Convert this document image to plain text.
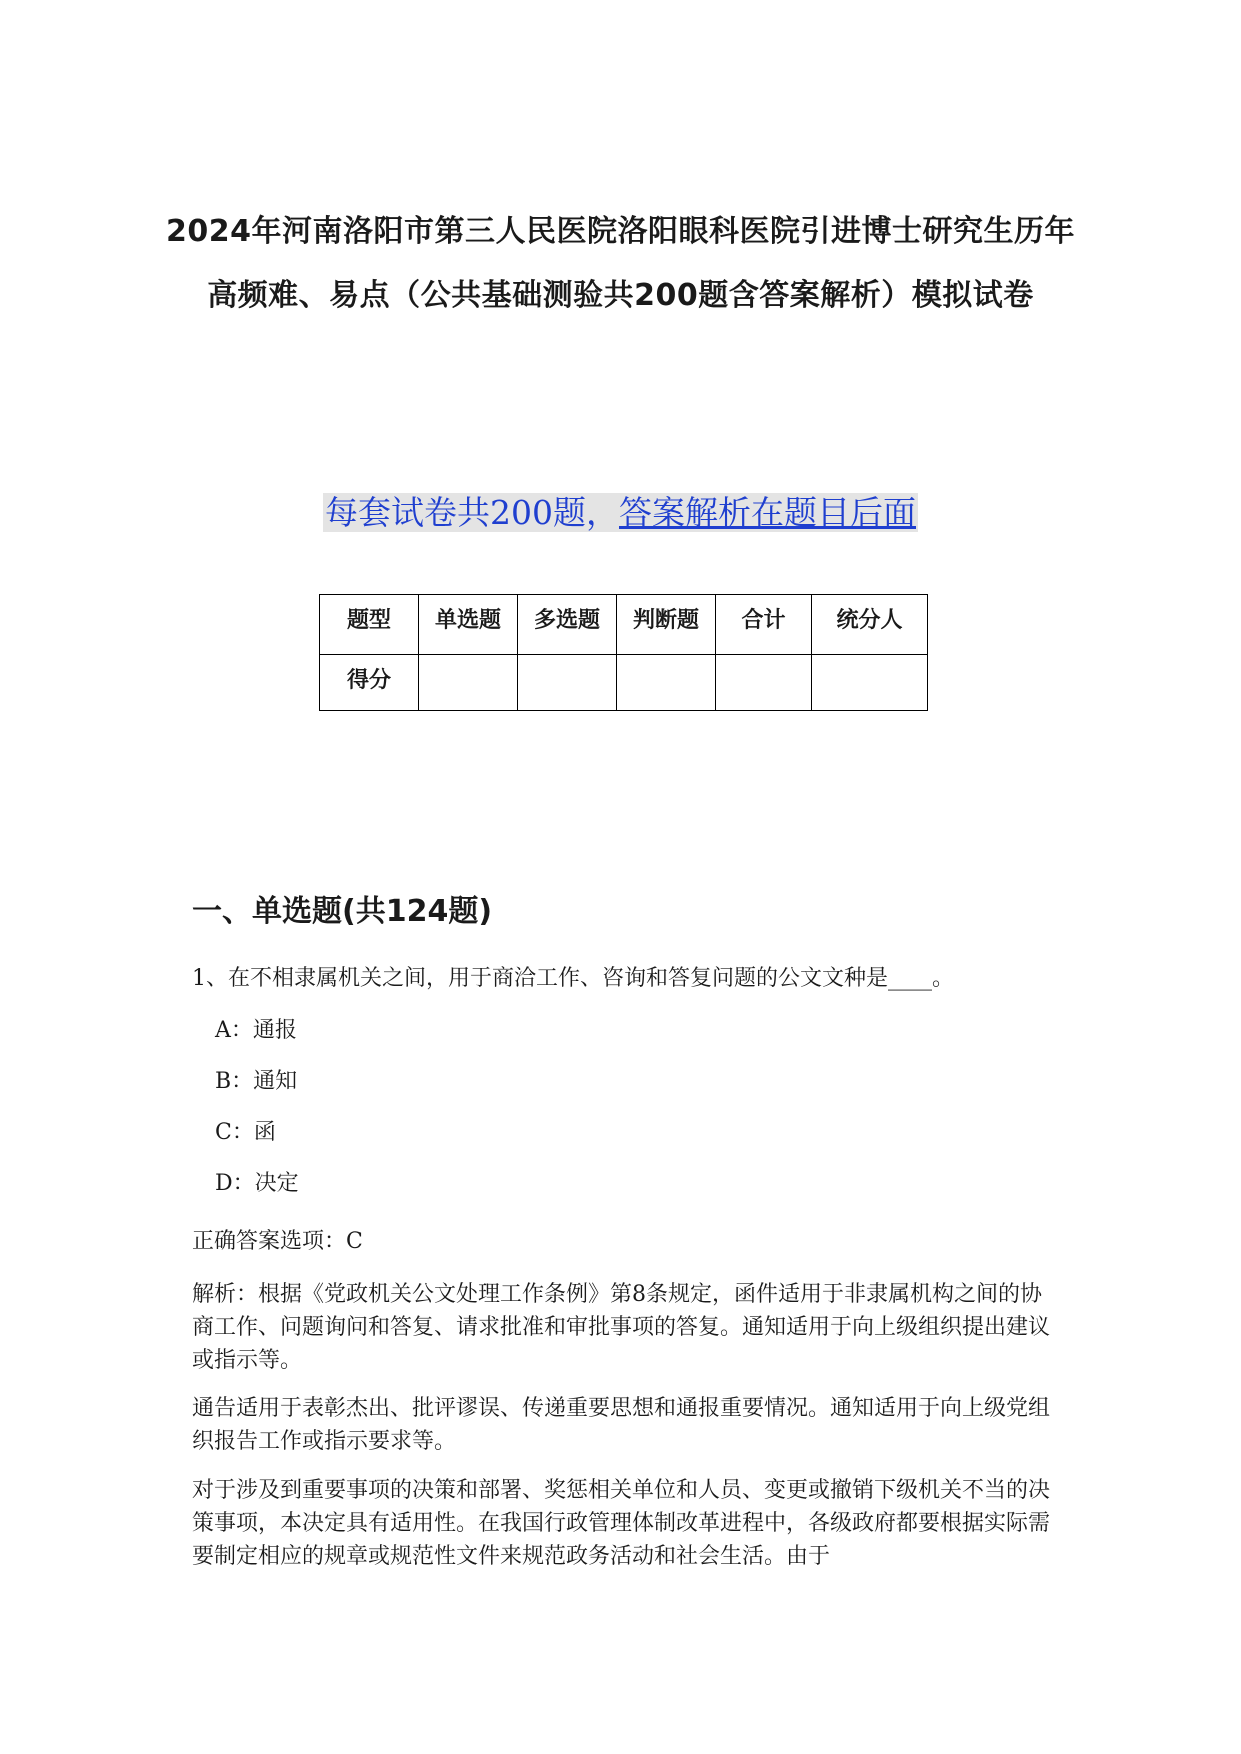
2024年河南洛阳市第三人民医院洛阳眼科医院引进博士研究生历年高频难、易点（公共基础测验共200题含答案解析）模拟试卷
每套试卷共200题，答案解析在题目后面
题型	单选题	多选题	判断题	合计	统分人
得分					
一、单选题(共124题)
1、在不相隶属机关之间，用于商洽工作、咨询和答复问题的公文文种是____。
A：通报
B：通知
C：函
D：决定
正确答案选项：C
解析：根据《党政机关公文处理工作条例》第8条规定，函件适用于非隶属机构之间的协商工作、问题询问和答复、请求批准和审批事项的答复。通知适用于向上级组织提出建议或指示等。
通告适用于表彰杰出、批评谬误、传递重要思想和通报重要情况。通知适用于向上级党组织报告工作或指示要求等。
对于涉及到重要事项的决策和部署、奖惩相关单位和人员、变更或撤销下级机关不当的决策事项，本决定具有适用性。在我国行政管理体制改革进程中，各级政府都要根据实际需要制定相应的规章或规范性文件来规范政务活动和社会生活。由于
